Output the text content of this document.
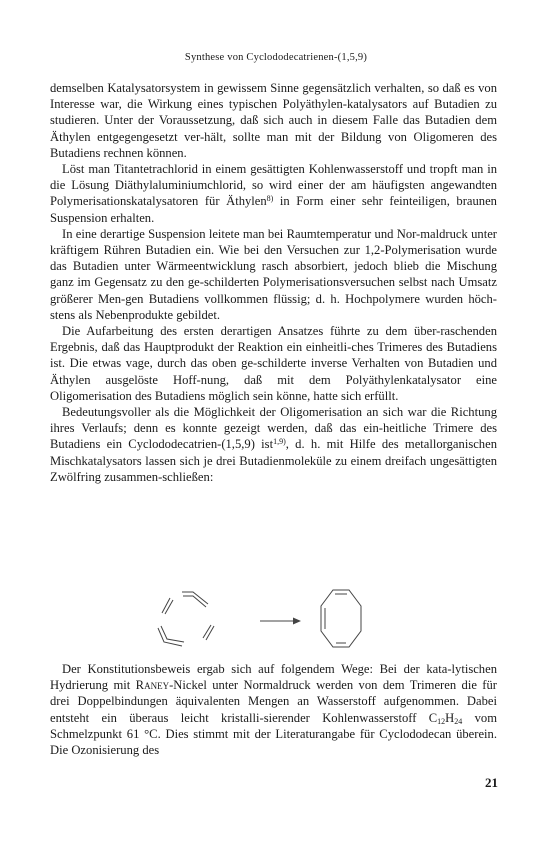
Synthese von Cyclododecatrienen-(1,5,9)

demselben Katalysatorsystem in gewissem Sinne gegensätzlich verhalten, so daß es von Interesse war, die Wirkung eines typischen Polyäthylen-katalysators auf Butadien zu studieren. Unter der Voraussetzung, daß sich auch in diesem Falle das Butadien dem Äthylen entgegengesetzt ver-hält, sollte man mit der Bildung von Oligomeren des Butadiens rechnen können.

Löst man Titantetrachlorid in einem gesättigten Kohlenwasserstoff und tropft man in die Lösung Diäthylaluminiumchlorid, so wird einer der am häufigsten angewandten Polymerisationskatalysatoren für Äthylen$^{8)}$ in Form einer sehr feinteiligen, braunen Suspension erhalten.

In eine derartige Suspension leitete man bei Raumtemperatur und Nor-maldruck unter kräftigem Rühren Butadien ein. Wie bei den Versuchen zur 1,2-Polymerisation wurde das Butadien unter Wärmeentwicklung rasch absorbiert, jedoch blieb die Mischung ganz im Gegensatz zu den ge-schilderten Polymerisationsversuchen selbst nach Umsatz größerer Men-gen Butadiens vollkommen flüssig; d. h. Hochpolymere wurden höch-stens als Nebenprodukte gebildet.

Die Aufarbeitung des ersten derartigen Ansatzes führte zu dem über-raschenden Ergebnis, daß das Hauptprodukt der Reaktion ein einheitli-ches Trimeres des Butadiens ist. Die etwas vage, durch das oben ge-schilderte inverse Verhalten von Butadien und Äthylen ausgelöste Hoff-nung, daß mit dem Polyäthylenkatalysator eine Oligomerisation des Butadiens möglich sein könne, hatte sich erfüllt.

Bedeutungsvoller als die Möglichkeit der Oligomerisation an sich war die Richtung ihres Verlaufs; denn es konnte gezeigt werden, daß das ein-heitliche Trimere des Butadiens ein Cyclododecatrien-(1,5,9) ist$^{1,9)}$, d. h. mit Hilfe des metallorganischen Mischkatalysators lassen sich je drei Butadienmoleküle zu einem dreifach ungesättigten Zwölfring zusammen-schließen:

Der Konstitutionsbeweis ergab sich auf folgendem Wege: Bei der kata-lytischen Hydrierung mit Raney-Nickel unter Normaldruck werden von dem Trimeren die für drei Doppelbindungen äquivalenten Mengen an Wasserstoff aufgenommen. Dabei entsteht ein überaus leicht kristalli-sierender Kohlenwasserstoff $C_{12}H_{24}$ vom Schmelzpunkt 61 °C. Dies stimmt mit der Literaturangabe für Cyclododecan überein. Die Ozonisierung des

21
